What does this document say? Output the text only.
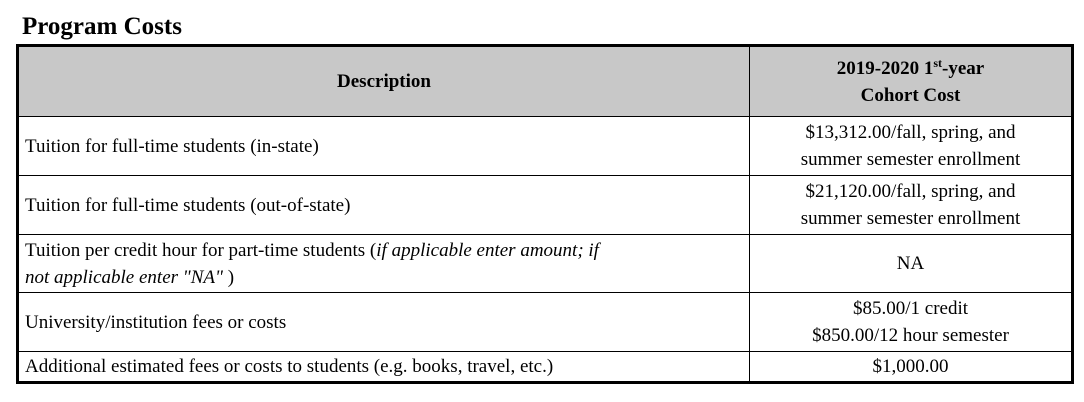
Program Costs
Description	2019-2020 1st-year
Cohort Cost
Tuition for full-time students (in-state)	$13,312.00/fall, spring, and
summer semester enrollment
Tuition for full-time students (out-of-state)	$21,120.00/fall, spring, and
summer semester enrollment
Tuition per credit hour for part-time students (if applicable enter amount; if
not applicable enter "NA" )	NA
University/institution fees or costs	$85.00/1 credit
$850.00/12 hour semester
Additional estimated fees or costs to students (e.g. books, travel, etc.)	$1,000.00
